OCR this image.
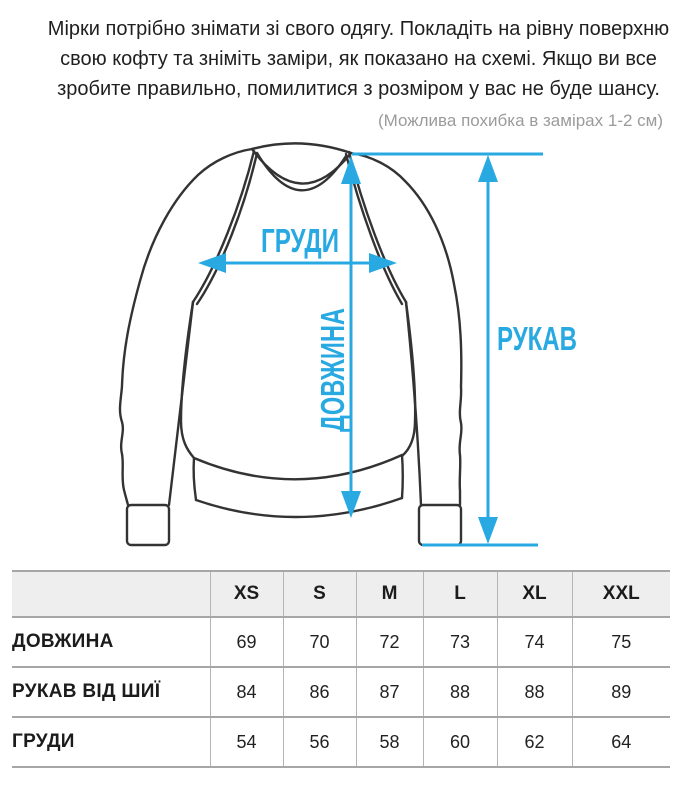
Мірки потрібно знімати зі свого одягу. Покладіть на рівну поверхню
свою кофту та зніміть заміри, як показано на схемі. Якщо ви все
зробите правильно, помилитися з розміром у вас не буде шансу.
(Можлива похибка в замірах 1-2 см)
ГРУДИ
ДОВЖИНА	РУКАВ
	XS	S	M	L	XL	XXL
ДОВЖИНА	69	70	72	73	74	75
РУКАВ ВІД ШИЇ	84	86	87	88	88	89
ГРУДИ	54	56	58	60	62	64
